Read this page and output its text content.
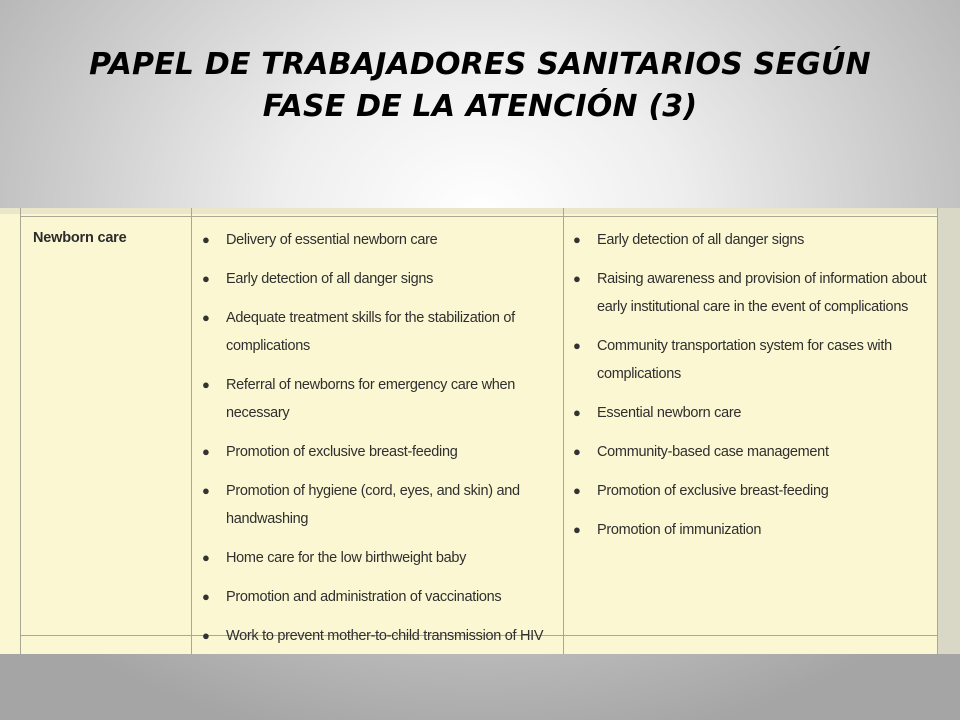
PAPEL DE TRABAJADORES SANITARIOS SEGÚN
FASE DE LA ATENCIÓN (3)
Newborn care	● Delivery of essential newborn care
● Early detection of all danger signs
● Adequate treatment skills for the stabilization of complications
● Referral of newborns for emergency care when necessary
● Promotion of exclusive breast-feeding
● Promotion of hygiene (cord, eyes, and skin) and handwashing
● Home care for the low birthweight baby
● Promotion and administration of vaccinations
● Work to prevent mother-to-child transmission of HIV
● Early detection of all danger signs
● Raising awareness and provision of information about early institutional care in the event of complications
● Community transportation system for cases with complications
● Essential newborn care
● Community-based case management
● Promotion of exclusive breast-feeding
● Promotion of immunization
